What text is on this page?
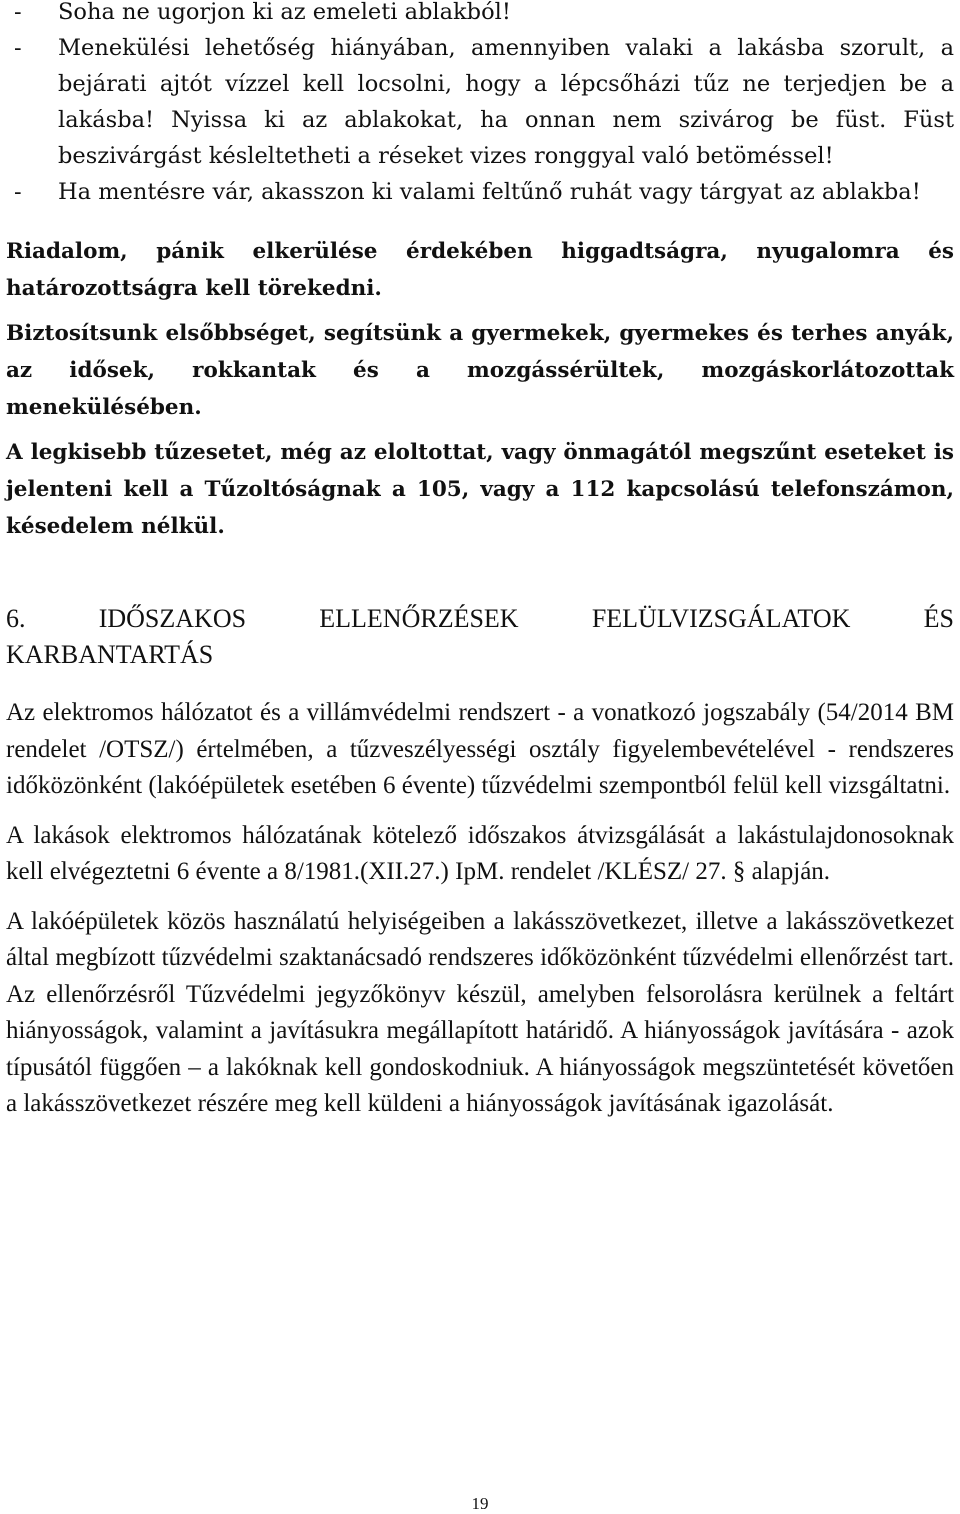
- Soha ne ugorjon ki az emeleti ablakból!
- Menekülési lehetőség hiányában, amennyiben valaki a lakásba szorult, a bejárati ajtót vízzel kell locsolni, hogy a lépcsőházi tűz ne terjedjen be a lakásba! Nyissa ki az ablakokat, ha onnan nem szivárog be füst. Füst beszivárgást késleltetheti a réseket vizes ronggyal való betöméssel!
- Ha mentésre vár, akasszon ki valami feltűnő ruhát vagy tárgyat az ablakba!

Riadalom, pánik elkerülése érdekében higgadtságra, nyugalomra és határozottságra kell törekedni.

Biztosítsunk elsőbbséget, segítsünk a gyermekek, gyermekes és terhes anyák, az idősek, rokkantak és a mozgássérültek, mozgáskorlátozottak menekülésében.

A legkisebb tűzesetet, még az eloltottat, vagy önmagától megszűnt eseteket is jelenteni kell a Tűzoltóságnak a 105, vagy a 112 kapcsolású telefonszámon, késedelem nélkül.

6.	IDŐSZAKOS	ELLENŐRZÉSEK	FELÜLVIZSGÁLATOK	ÉS
KARBANTARTÁS

Az elektromos hálózatot és a villámvédelmi rendszert - a vonatkozó jogszabály (54/2014 BM rendelet /OTSZ/) értelmében, a tűzveszélyességi osztály figyelembevételével - rendszeres időközönként (lakóépületek esetében 6 évente) tűzvédelmi szempontból felül kell vizsgáltatni.

A lakások elektromos hálózatának kötelező időszakos átvizsgálását a lakástulajdonosoknak kell elvégeztetni 6 évente a 8/1981.(XII.27.) IpM. rendelet /KLÉSZ/ 27. § alapján.

A lakóépületek közös használatú helyiségeiben a lakásszövetkezet, illetve a lakásszövetkezet által megbízott tűzvédelmi szaktanácsadó rendszeres időközönként tűzvédelmi ellenőrzést tart. Az ellenőrzésről Tűzvédelmi jegyzőkönyv készül, amelyben felsorolásra kerülnek a feltárt hiányosságok, valamint a javításukra megállapított határidő. A hiányosságok javítására - azok típusától függően – a lakóknak kell gondoskodniuk. A hiányosságok megszüntetését követően a lakásszövetkezet részére meg kell küldeni a hiányosságok javításának igazolását.

19
